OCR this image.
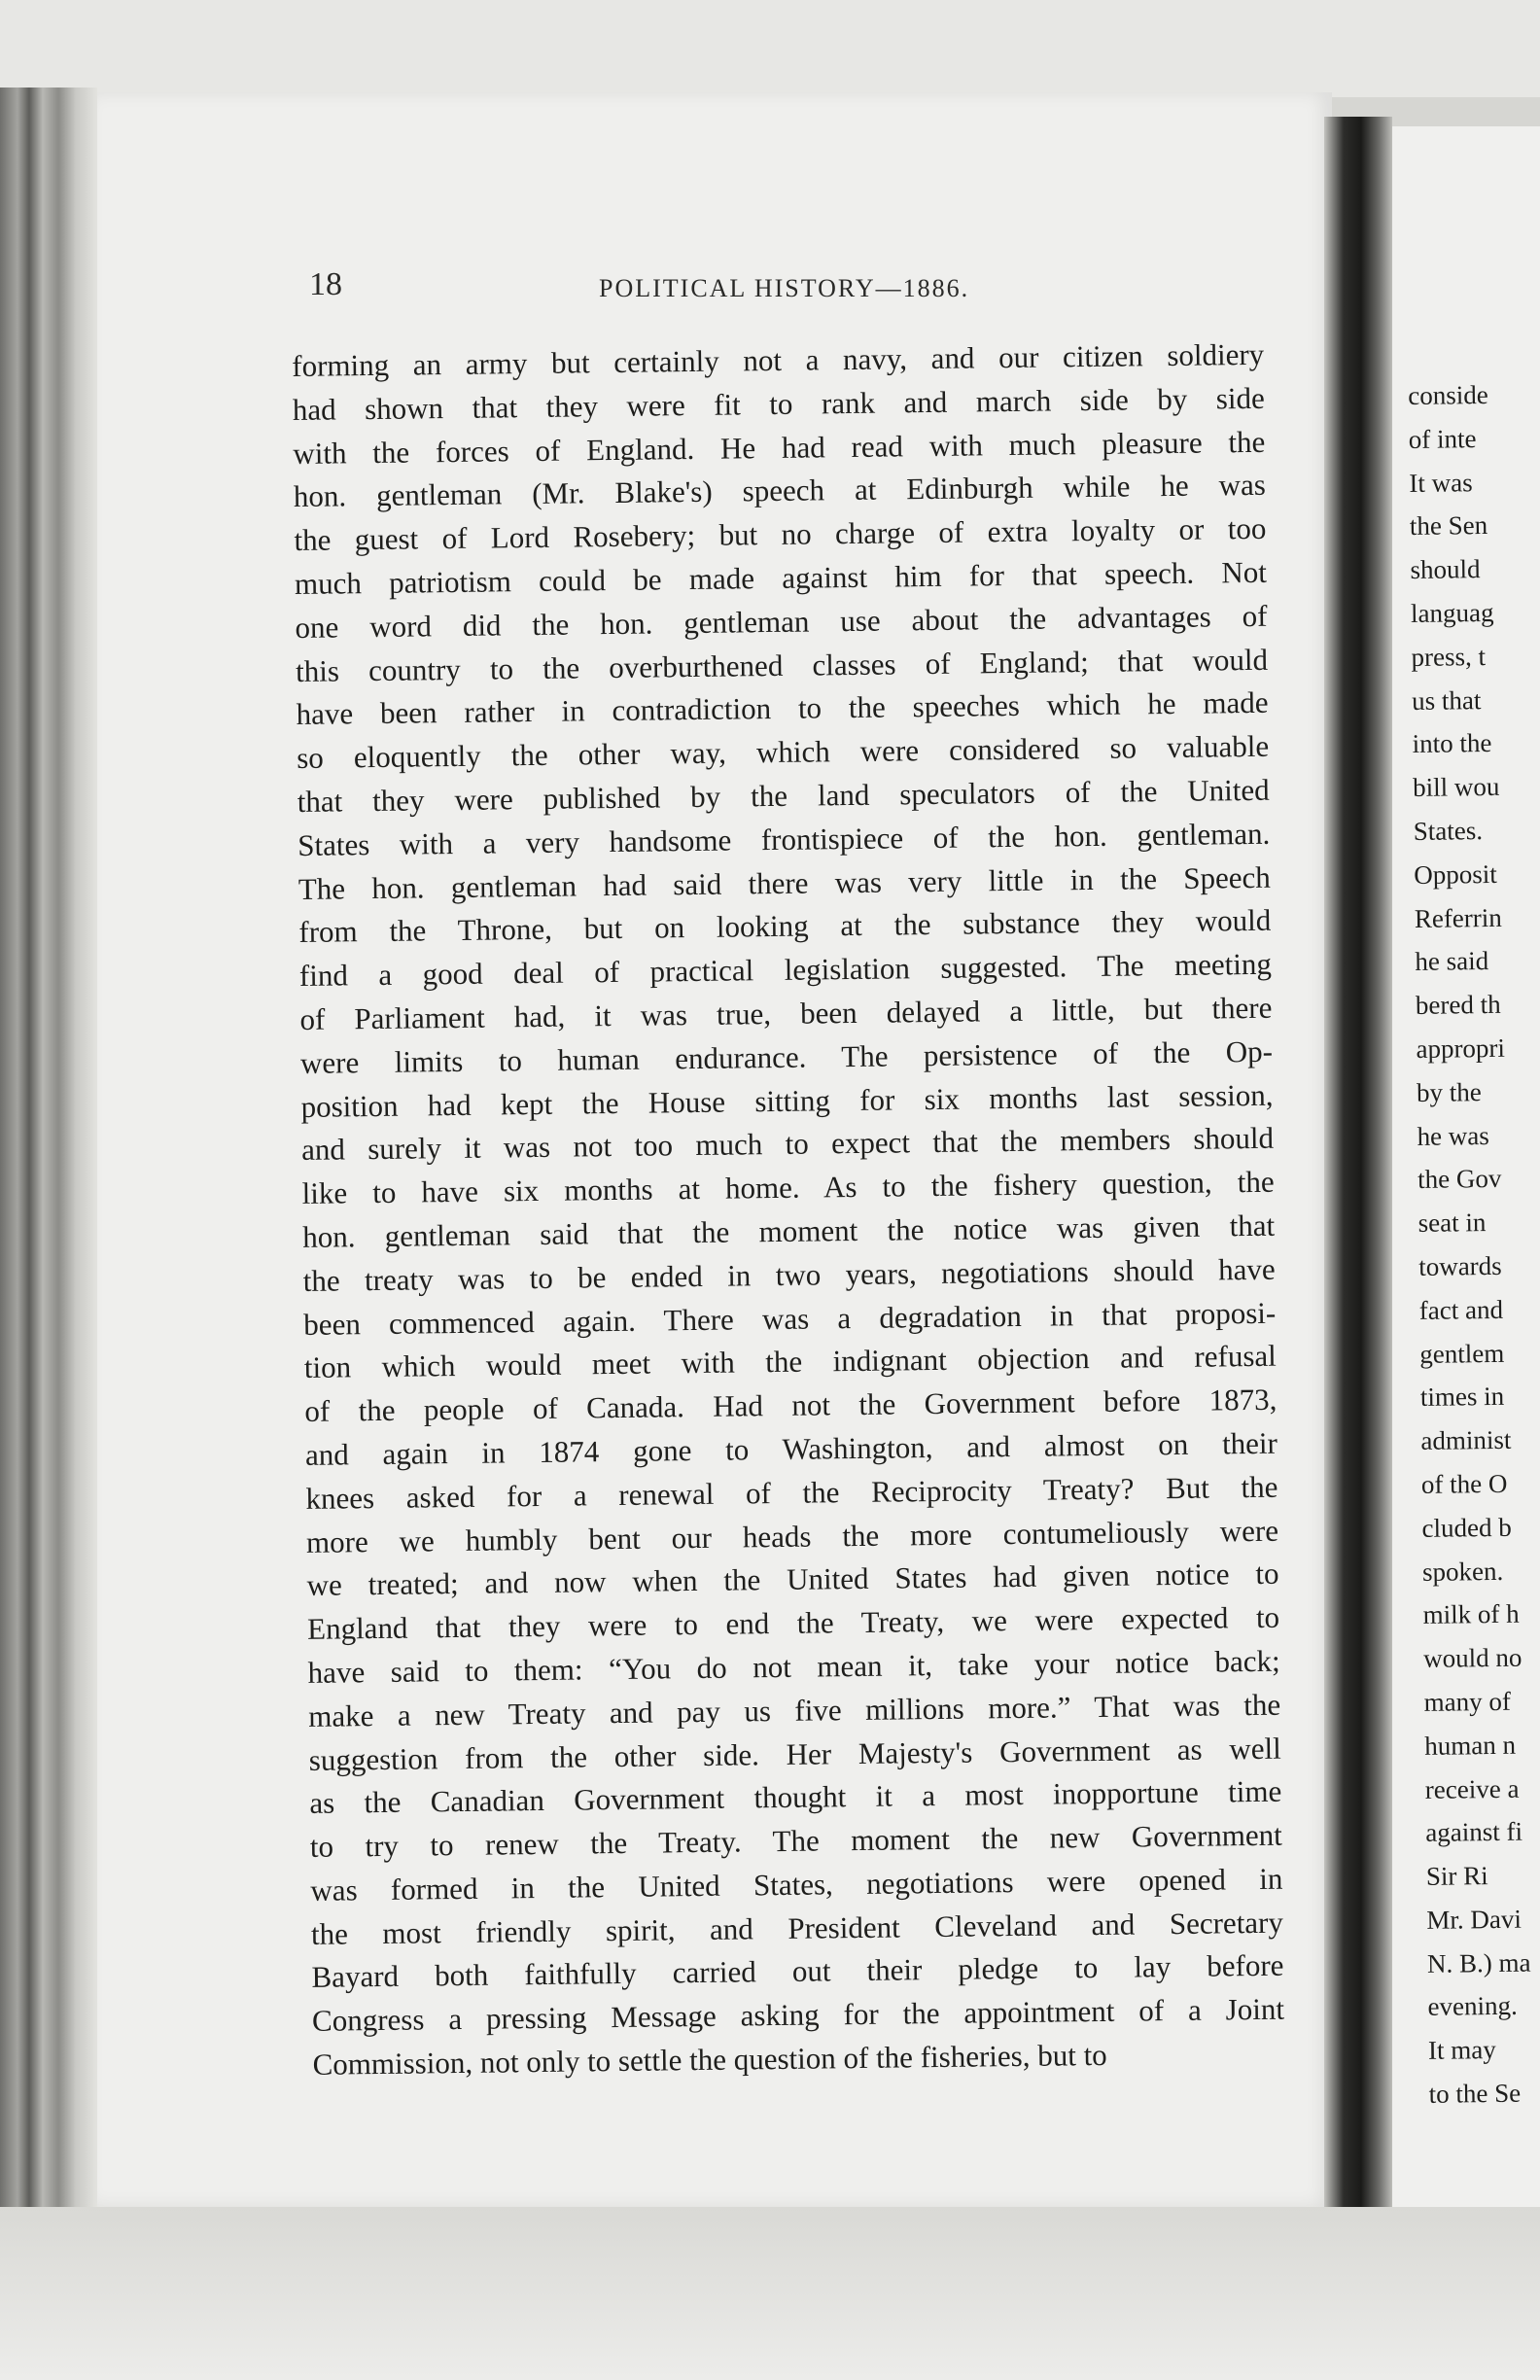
18	POLITICAL HISTORY—1886.
forming an army but certainly not a navy, and our citizen soldiery
had shown that they were fit to rank and march side by side
with the forces of England. He had read with much pleasure the
hon. gentleman (Mr. Blake's) speech at Edinburgh while he was
the guest of Lord Rosebery; but no charge of extra loyalty or too
much patriotism could be made against him for that speech. Not
one word did the hon. gentleman use about the advantages of
this country to the overburthened classes of England; that would
have been rather in contradiction to the speeches which he made
so eloquently the other way, which were considered so valuable
that they were published by the land speculators of the United
States with a very handsome frontispiece of the hon. gentleman.
The hon. gentleman had said there was very little in the Speech
from the Throne, but on looking at the substance they would
find a good deal of practical legislation suggested. The meeting
of Parliament had, it was true, been delayed a little, but there
were limits to human endurance. The persistence of the Op-
position had kept the House sitting for six months last session,
and surely it was not too much to expect that the members should
like to have six months at home. As to the fishery question, the
hon. gentleman said that the moment the notice was given that
the treaty was to be ended in two years, negotiations should have
been commenced again. There was a degradation in that proposi-
tion which would meet with the indignant objection and refusal
of the people of Canada. Had not the Government before 1873,
and again in 1874 gone to Washington, and almost on their
knees asked for a renewal of the Reciprocity Treaty? But the
more we humbly bent our heads the more contumeliously were
we treated; and now when the United States had given notice to
England that they were to end the Treaty, we were expected to
have said to them: “You do not mean it, take your notice back;
make a new Treaty and pay us five millions more.” That was the
suggestion from the other side. Her Majesty's Government as well
as the Canadian Government thought it a most inopportune time
to try to renew the Treaty. The moment the new Government
was formed in the United States, negotiations were opened in
the most friendly spirit, and President Cleveland and Secretary
Bayard both faithfully carried out their pledge to lay before
Congress a pressing Message asking for the appointment of a Joint
Commission, not only to settle the question of the fisheries, but to
conside
of inte
It was
the Sen
should
languag
press, t
us that
into the
bill wou
States.
Opposit
Referrin
he said
bered th
appropri
by the
he was
the Gov
seat in
towards
fact and
gentlem
times in
administ
of the O
cluded b
spoken.
milk of h
would no
many of
human n
receive a
against fi
Sir Ri
Mr. Davi
N. B.) ma
evening.
It may
to the Se
